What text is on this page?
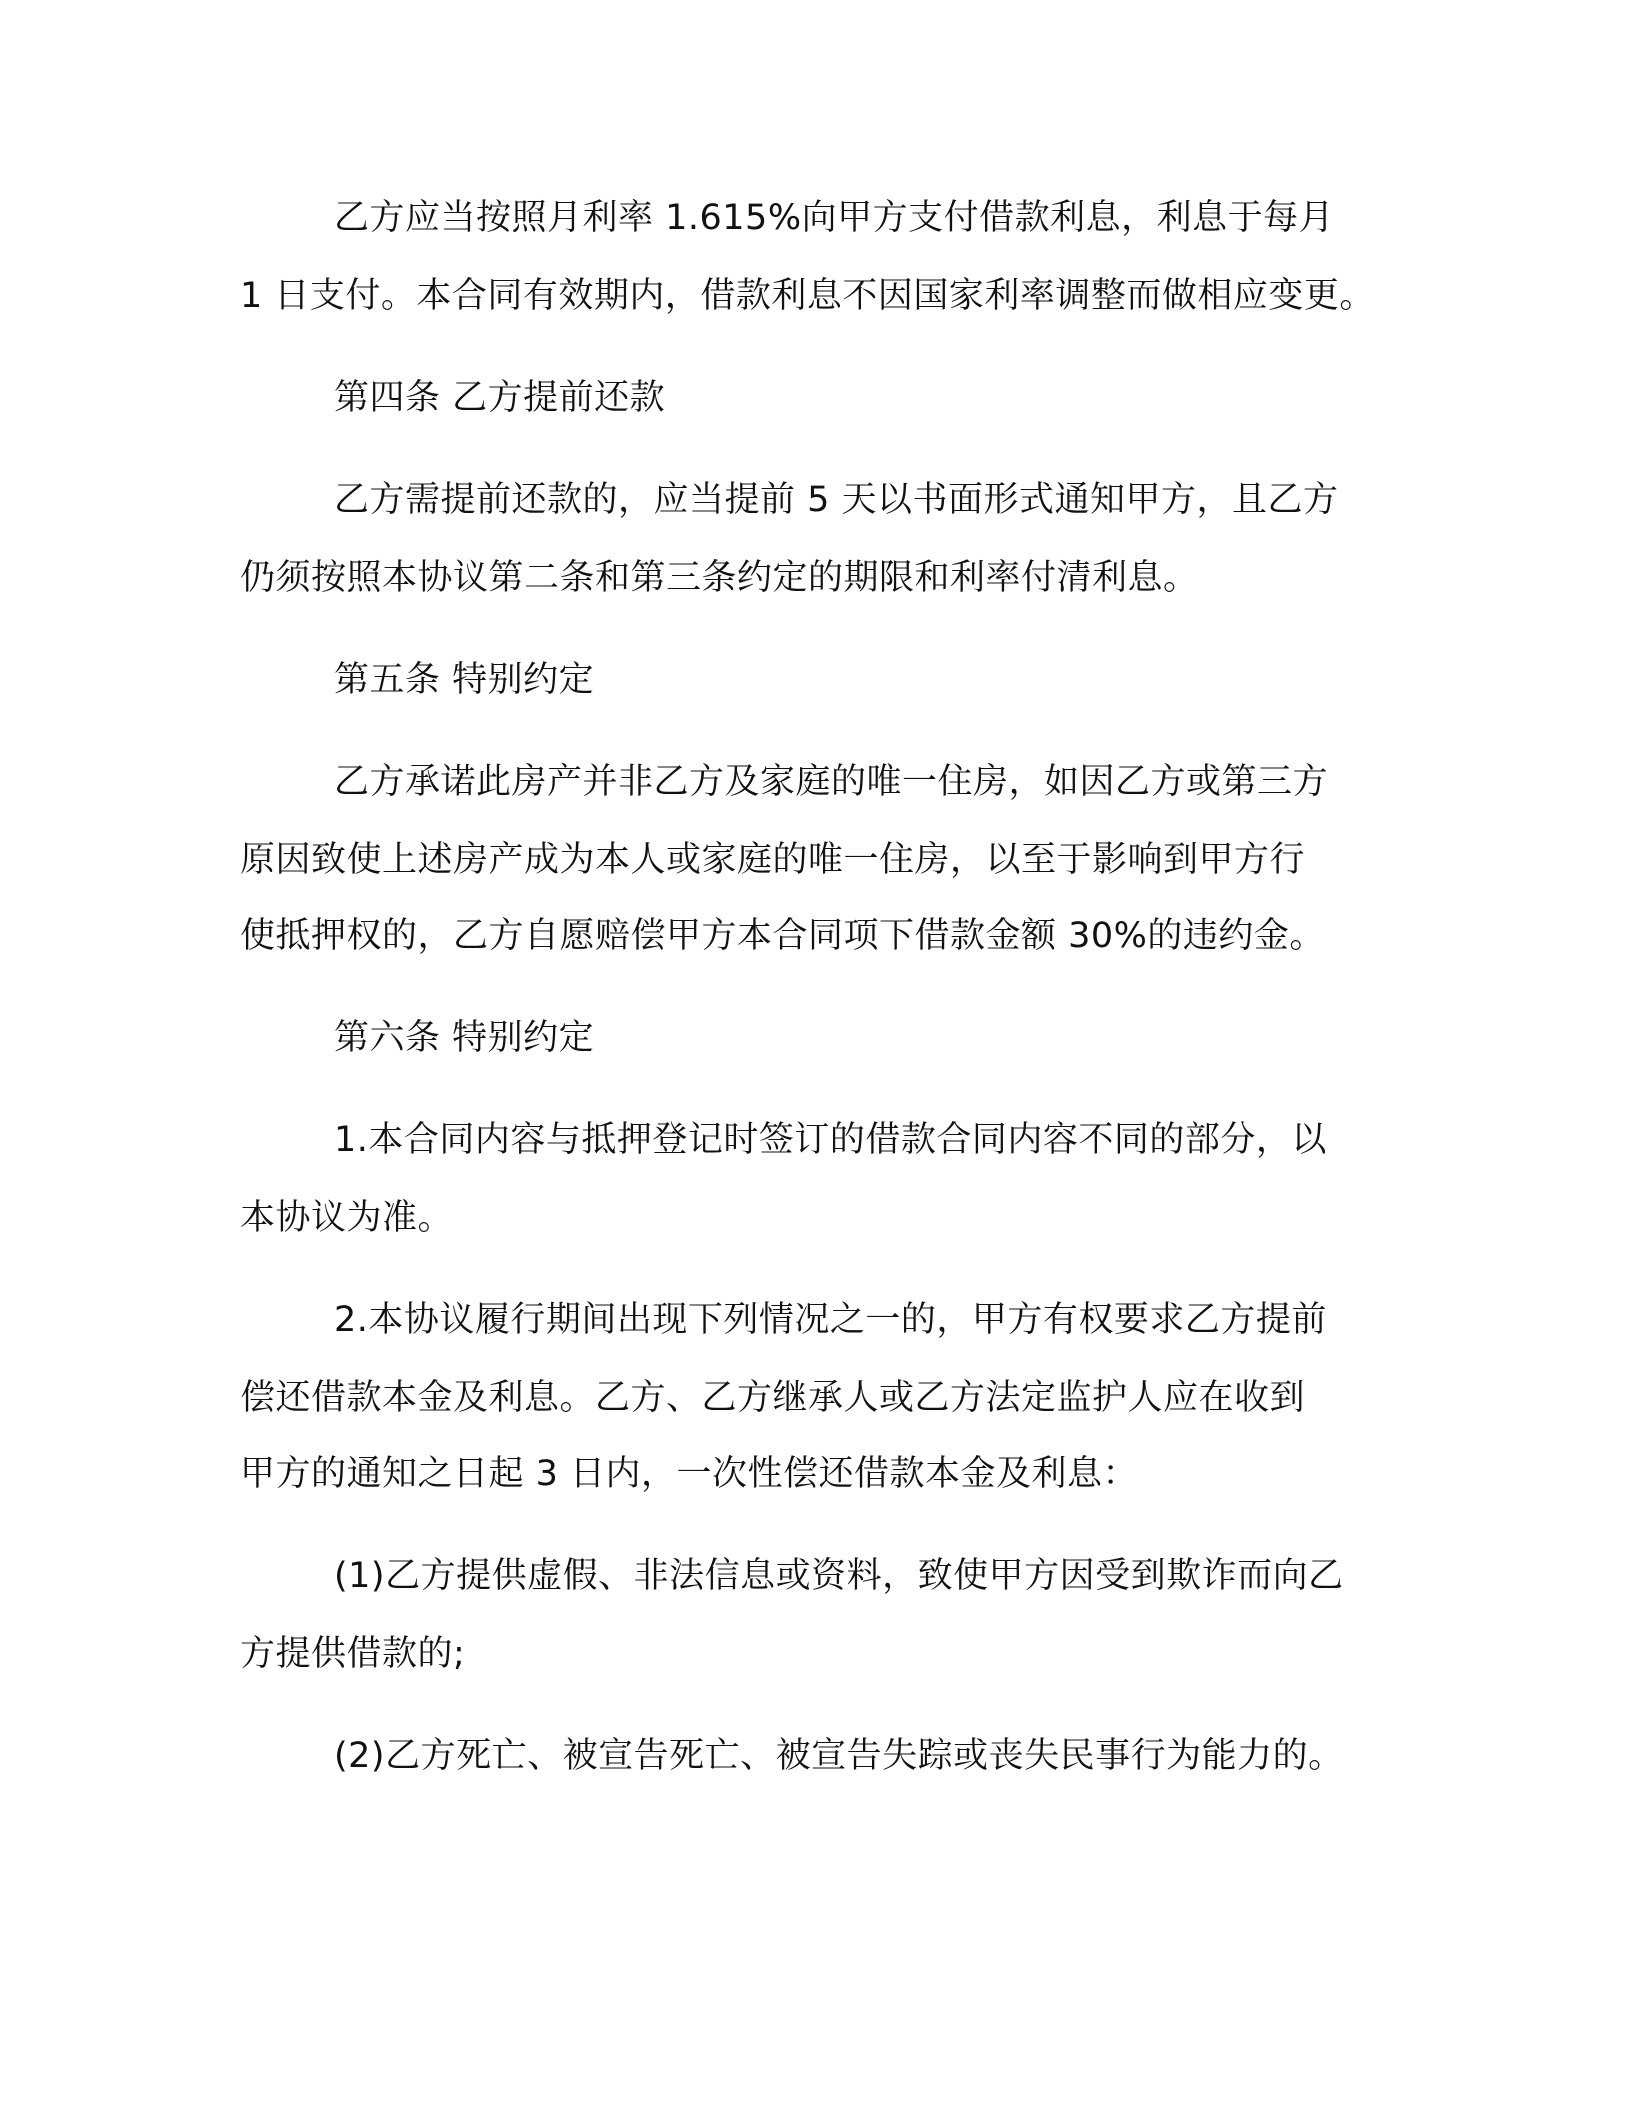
乙方应当按照月利率 1.615%向甲方支付借款利息，利息于每月

1 日支付。本合同有效期内，借款利息不因国家利率调整而做相应变更。

第四条 乙方提前还款

乙方需提前还款的，应当提前 5 天以书面形式通知甲方，且乙方

仍须按照本协议第二条和第三条约定的期限和利率付清利息。

第五条 特别约定

乙方承诺此房产并非乙方及家庭的唯一住房，如因乙方或第三方

原因致使上述房产成为本人或家庭的唯一住房，以至于影响到甲方行

使抵押权的，乙方自愿赔偿甲方本合同项下借款金额 30%的违约金。

第六条 特别约定

1.本合同内容与抵押登记时签订的借款合同内容不同的部分，以

本协议为准。

2.本协议履行期间出现下列情况之一的，甲方有权要求乙方提前

偿还借款本金及利息。乙方、乙方继承人或乙方法定监护人应在收到

甲方的通知之日起 3 日内，一次性偿还借款本金及利息：

(1)乙方提供虚假、非法信息或资料，致使甲方因受到欺诈而向乙

方提供借款的;

(2)乙方死亡、被宣告死亡、被宣告失踪或丧失民事行为能力的。
